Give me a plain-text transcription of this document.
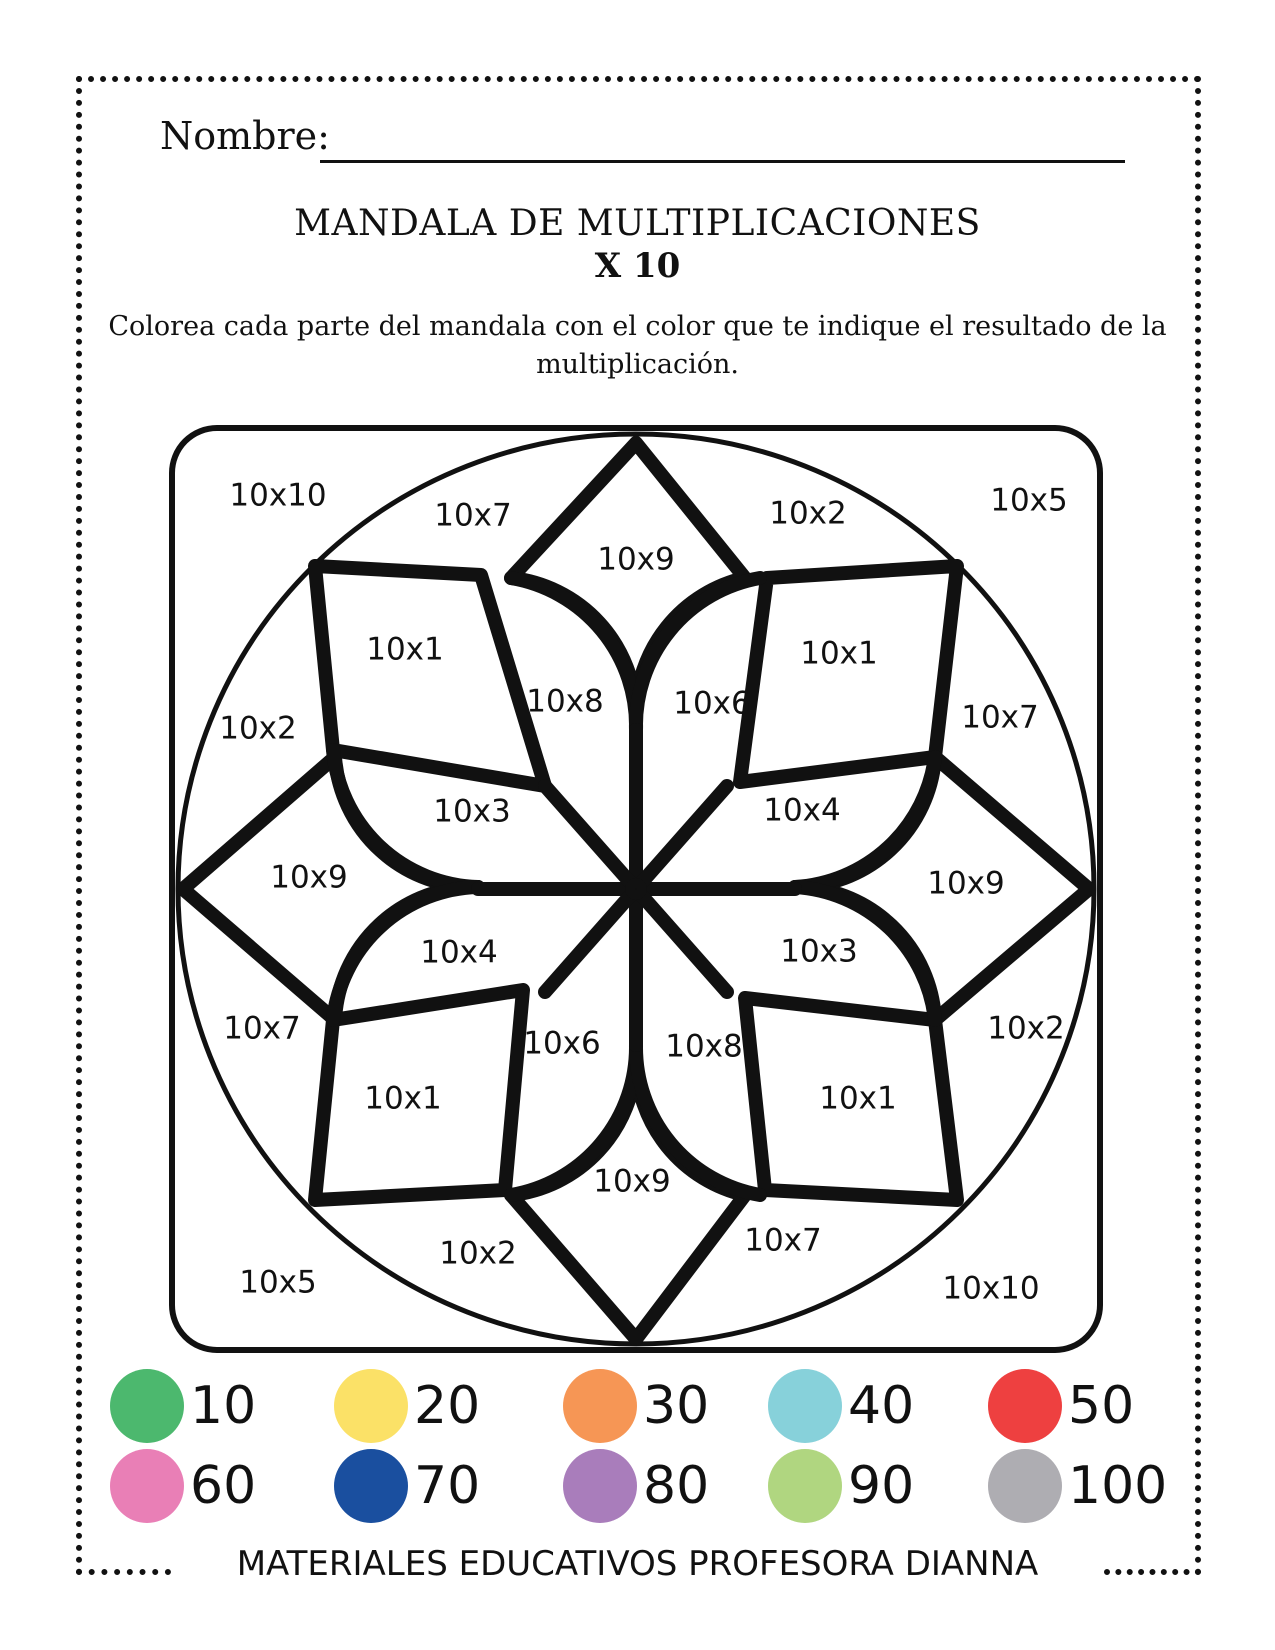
Nombre:
MANDALA DE MULTIPLICACIONES
X 10
Colorea cada parte del mandala con el color que te indique el resultado de la multiplicación.
10x10
10x7
10x9
10x2	10x5
10x1	10x1
10x8 10x6
10x2	10x7
10x3	10x4
10x9	10x9
10x4	10x3
10x7	10x2
10x6 10x8
10x1	10x1
10x9
10x2	10x7
10x5	10x10
10	20	30	40	50
60	70	80	90	100
MATERIALES EDUCATIVOS PROFESORA DIANNA
